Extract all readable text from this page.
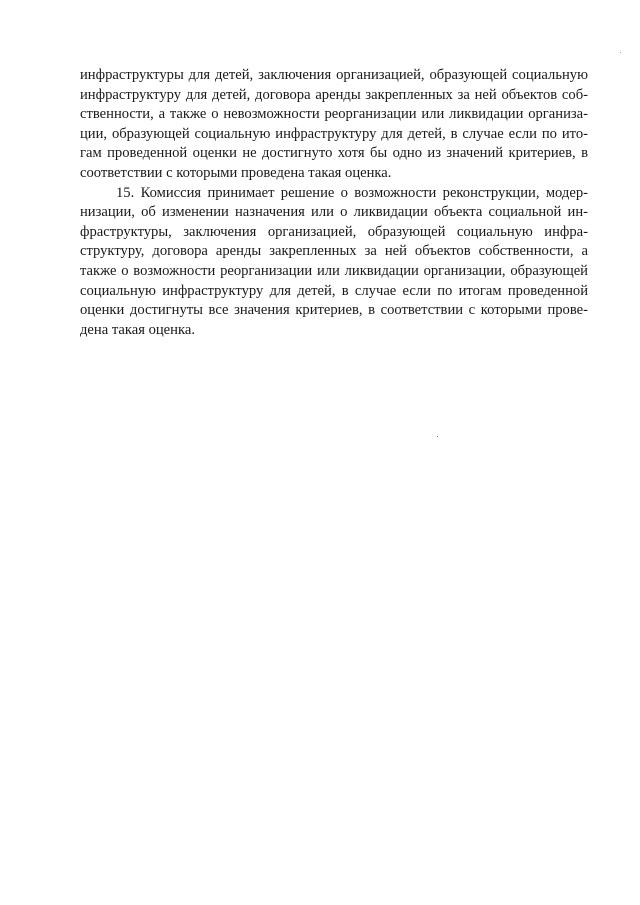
инфраструктуры для детей, заключения организацией, образующей социальную
инфраструктуру для детей, договора аренды закрепленных за ней объектов соб-
ственности, а также о невозможности реорганизации или ликвидации организа-
ции, образующей социальную инфраструктуру для детей, в случае если по ито-
гам проведенной оценки не достигнуто хотя бы одно из значений критериев, в
соответствии с которыми проведена такая оценка.
15. Комиссия принимает решение о возможности реконструкции, модер-
низации, об изменении назначения или о ликвидации объекта социальной ин-
фраструктуры, заключения организацией, образующей социальную инфра-
структуру, договора аренды закрепленных за ней объектов собственности, а
также о возможности реорганизации или ликвидации организации, образующей
социальную инфраструктуру для детей, в случае если по итогам проведенной
оценки достигнуты все значения критериев, в соответствии с которыми прове-
дена такая оценка.
